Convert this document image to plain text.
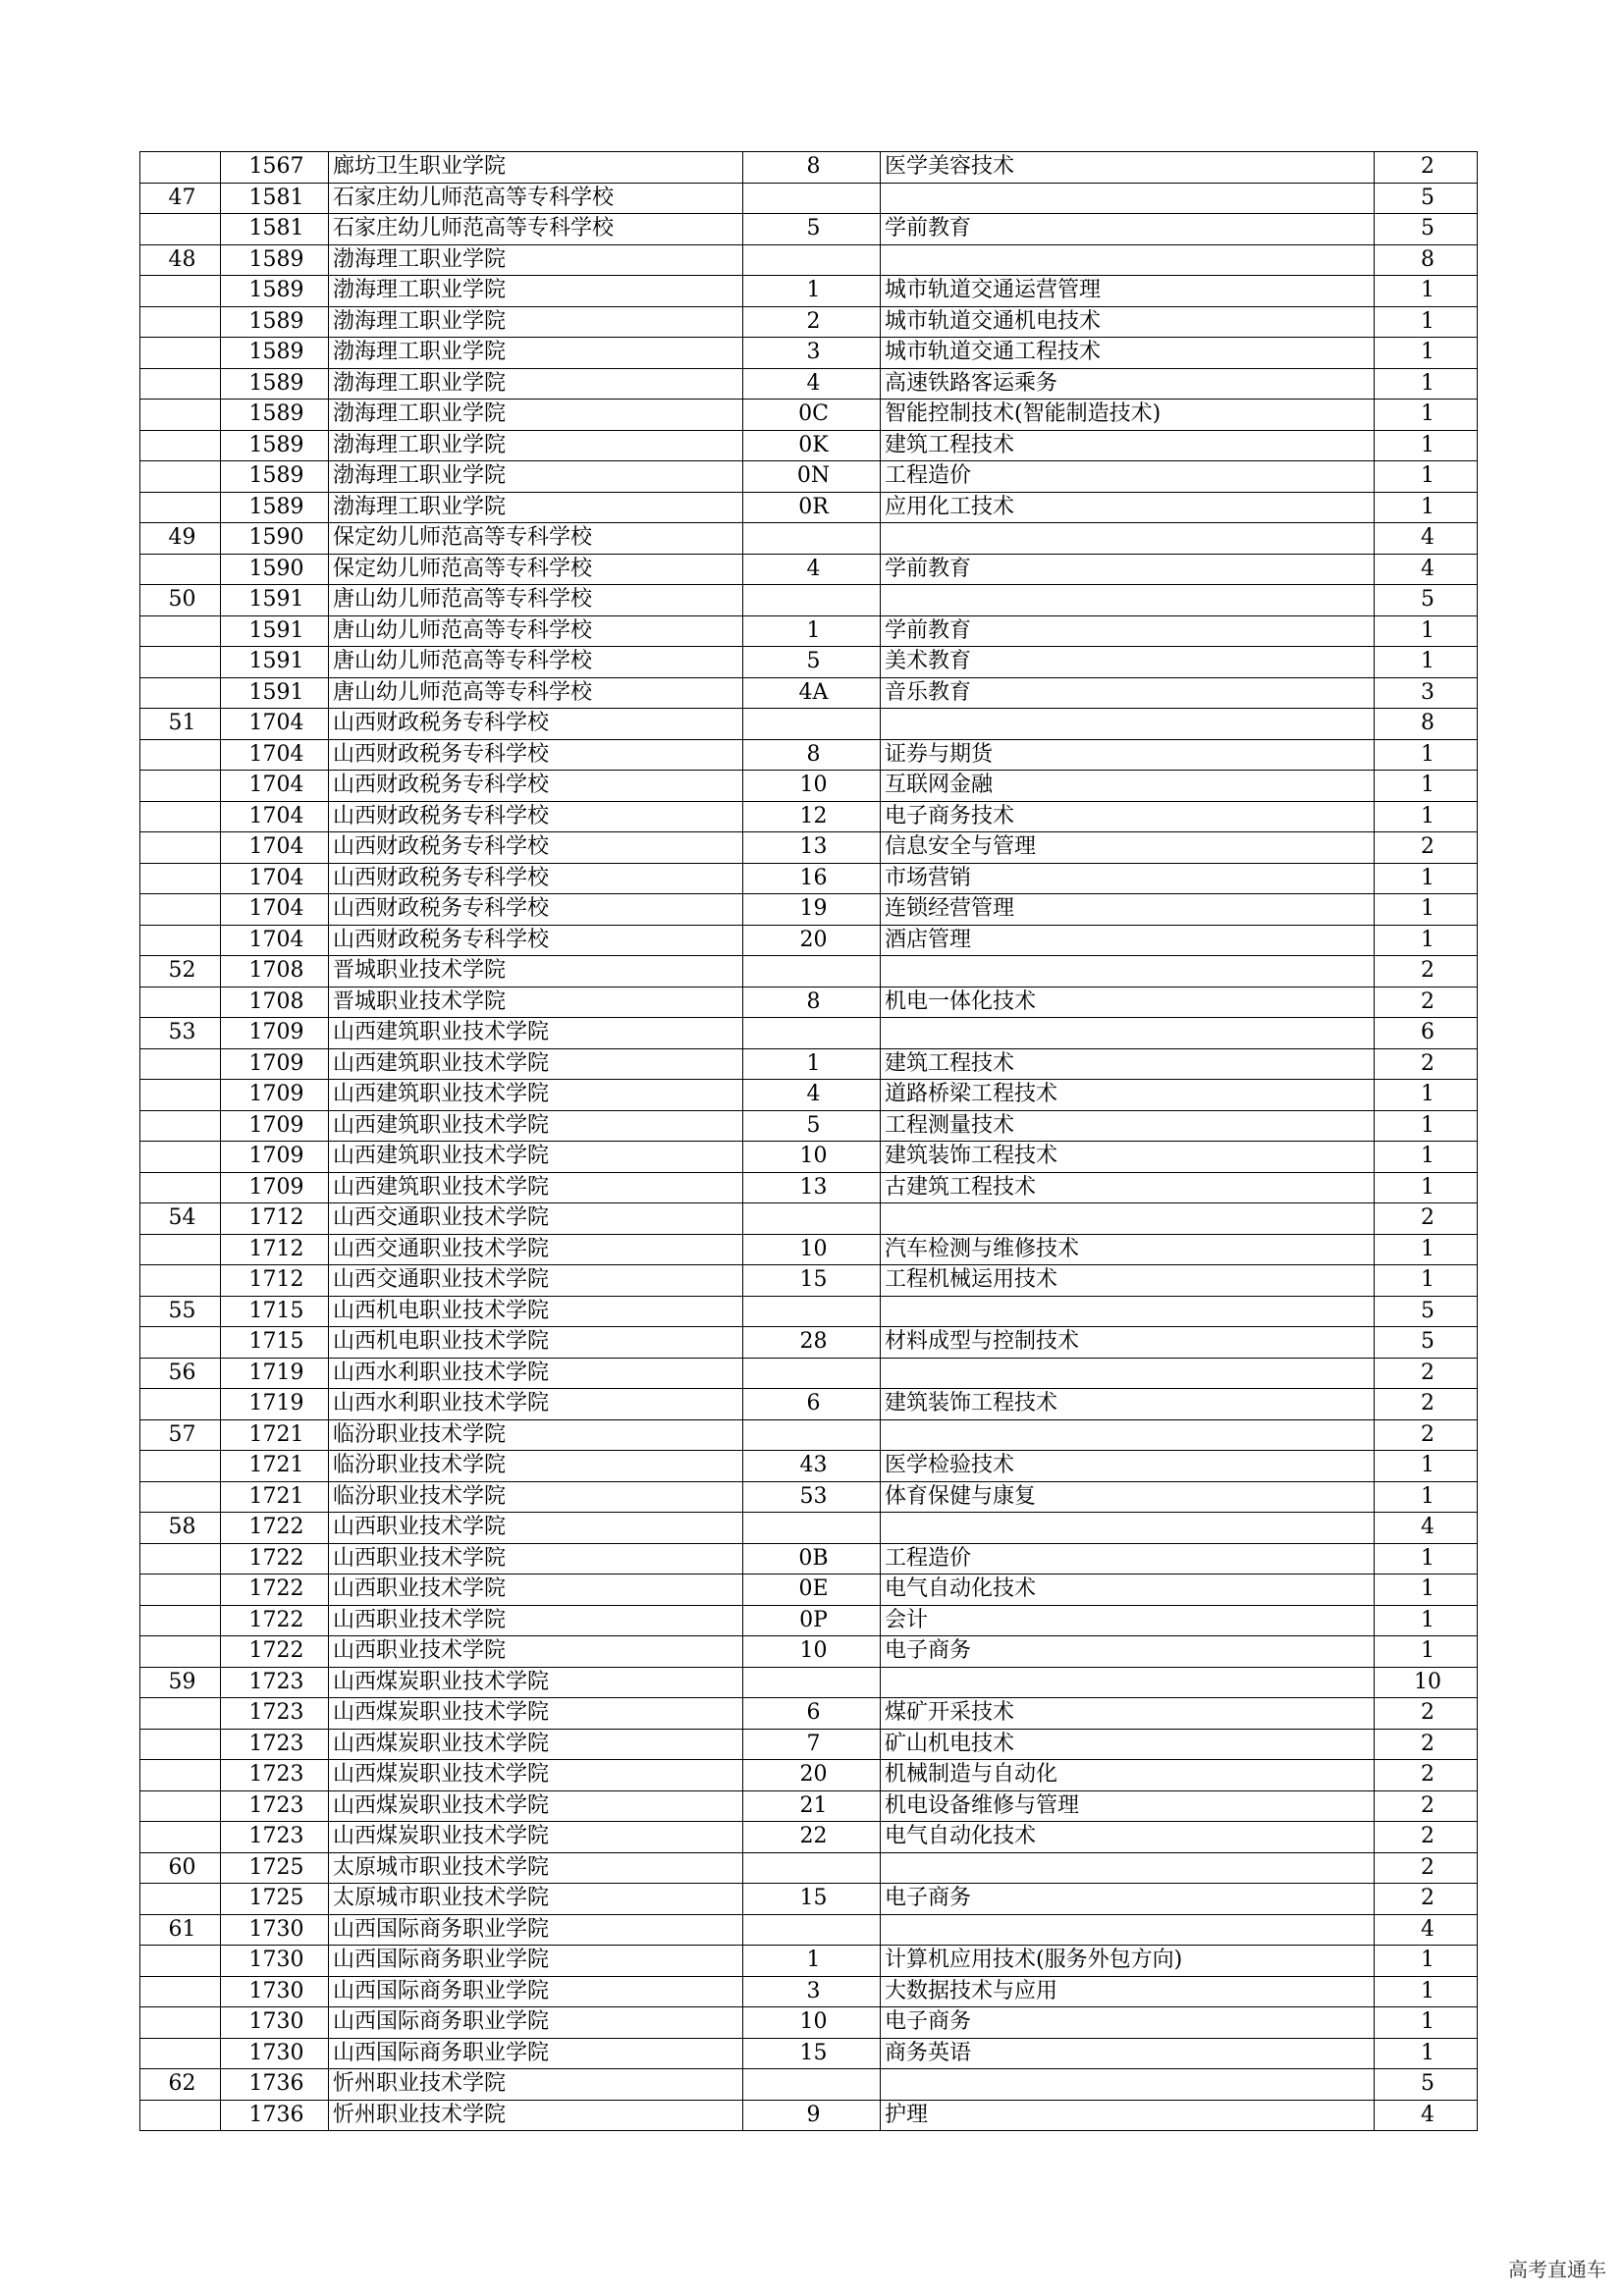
	1567	廊坊卫生职业学院	8	医学美容技术	2
47	1581	石家庄幼儿师范高等专科学校			5
	1581	石家庄幼儿师范高等专科学校	5	学前教育	5
48	1589	渤海理工职业学院			8
	1589	渤海理工职业学院	1	城市轨道交通运营管理	1
	1589	渤海理工职业学院	2	城市轨道交通机电技术	1
	1589	渤海理工职业学院	3	城市轨道交通工程技术	1
	1589	渤海理工职业学院	4	高速铁路客运乘务	1
	1589	渤海理工职业学院	0C	智能控制技术(智能制造技术)	1
	1589	渤海理工职业学院	0K	建筑工程技术	1
	1589	渤海理工职业学院	0N	工程造价	1
	1589	渤海理工职业学院	0R	应用化工技术	1
49	1590	保定幼儿师范高等专科学校			4
	1590	保定幼儿师范高等专科学校	4	学前教育	4
50	1591	唐山幼儿师范高等专科学校			5
	1591	唐山幼儿师范高等专科学校	1	学前教育	1
	1591	唐山幼儿师范高等专科学校	5	美术教育	1
	1591	唐山幼儿师范高等专科学校	4A	音乐教育	3
51	1704	山西财政税务专科学校			8
	1704	山西财政税务专科学校	8	证券与期货	1
	1704	山西财政税务专科学校	10	互联网金融	1
	1704	山西财政税务专科学校	12	电子商务技术	1
	1704	山西财政税务专科学校	13	信息安全与管理	2
	1704	山西财政税务专科学校	16	市场营销	1
	1704	山西财政税务专科学校	19	连锁经营管理	1
	1704	山西财政税务专科学校	20	酒店管理	1
52	1708	晋城职业技术学院			2
	1708	晋城职业技术学院	8	机电一体化技术	2
53	1709	山西建筑职业技术学院			6
	1709	山西建筑职业技术学院	1	建筑工程技术	2
	1709	山西建筑职业技术学院	4	道路桥梁工程技术	1
	1709	山西建筑职业技术学院	5	工程测量技术	1
	1709	山西建筑职业技术学院	10	建筑装饰工程技术	1
	1709	山西建筑职业技术学院	13	古建筑工程技术	1
54	1712	山西交通职业技术学院			2
	1712	山西交通职业技术学院	10	汽车检测与维修技术	1
	1712	山西交通职业技术学院	15	工程机械运用技术	1
55	1715	山西机电职业技术学院			5
	1715	山西机电职业技术学院	28	材料成型与控制技术	5
56	1719	山西水利职业技术学院			2
	1719	山西水利职业技术学院	6	建筑装饰工程技术	2
57	1721	临汾职业技术学院			2
	1721	临汾职业技术学院	43	医学检验技术	1
	1721	临汾职业技术学院	53	体育保健与康复	1
58	1722	山西职业技术学院			4
	1722	山西职业技术学院	0B	工程造价	1
	1722	山西职业技术学院	0E	电气自动化技术	1
	1722	山西职业技术学院	0P	会计	1
	1722	山西职业技术学院	10	电子商务	1
59	1723	山西煤炭职业技术学院			10
	1723	山西煤炭职业技术学院	6	煤矿开采技术	2
	1723	山西煤炭职业技术学院	7	矿山机电技术	2
	1723	山西煤炭职业技术学院	20	机械制造与自动化	2
	1723	山西煤炭职业技术学院	21	机电设备维修与管理	2
	1723	山西煤炭职业技术学院	22	电气自动化技术	2
60	1725	太原城市职业技术学院			2
	1725	太原城市职业技术学院	15	电子商务	2
61	1730	山西国际商务职业学院			4
	1730	山西国际商务职业学院	1	计算机应用技术(服务外包方向)	1
	1730	山西国际商务职业学院	3	大数据技术与应用	1
	1730	山西国际商务职业学院	10	电子商务	1
	1730	山西国际商务职业学院	15	商务英语	1
62	1736	忻州职业技术学院			5
	1736	忻州职业技术学院	9	护理	4
高考直通车
